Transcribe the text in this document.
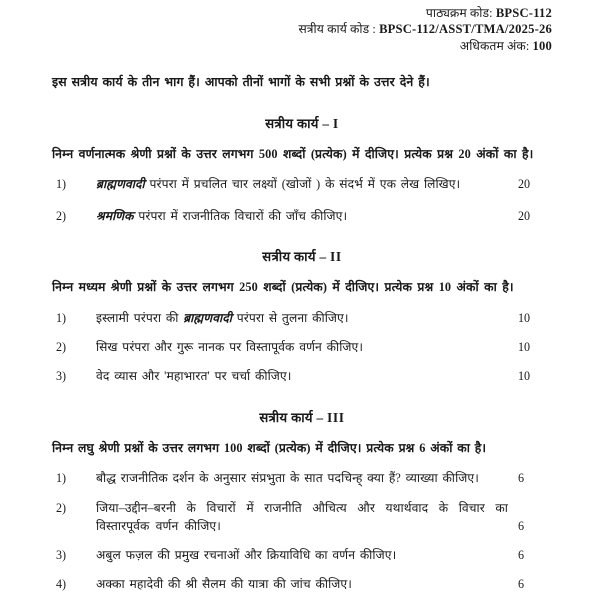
पाठ्यक्रम कोड: BPSC-112
सत्रीय कार्य कोड : BPSC-112/ASST/TMA/2025-26
अधिकतम अंक: 100

इस सत्रीय कार्य के तीन भाग हैं। आपको तीनों भागों के सभी प्रश्नों के उत्तर देने हैं।

सत्रीय कार्य – I

निम्न वर्णनात्मक श्रेणी प्रश्नों के उत्तर लगभग 500 शब्दों (प्रत्येक) में दीजिए। प्रत्येक प्रश्न 20 अंकों का है।

1)	ब्राह्मणवादी परंपरा में प्रचलित चार लक्ष्यों (खोजों ) के संदर्भ में एक लेख लिखिए।	20
2)	श्रमणिक परंपरा में राजनीतिक विचारों की जाँच कीजिए।	20
सत्रीय कार्य – II

निम्न मध्यम श्रेणी प्रश्नों के उत्तर लगभग 250 शब्दों (प्रत्येक) में दीजिए। प्रत्येक प्रश्न 10 अंकों का है।

1)	इस्लामी परंपरा की ब्राह्मणवादी परंपरा से तुलना कीजिए।	10
2)	सिख परंपरा और गुरू नानक पर विस्तापूर्वक वर्णन कीजिए।	10
3)	वेद व्यास और 'महाभारत' पर चर्चा कीजिए।	10
सत्रीय कार्य – III

निम्न लघु श्रेणी प्रश्नों के उत्तर लगभग 100 शब्दों (प्रत्येक) में दीजिए। प्रत्येक प्रश्न 6 अंकों का है।

1)	बौद्ध राजनीतिक दर्शन के अनुसार संप्रभुता के सात पदचिन्ह् क्या हैं? व्याख्या कीजिए।	6
2)	जिया–उद्दीन–बरनी के विचारों में राजनीति औचित्य और यथार्थवाद के विचार का विस्तारपूर्वक वर्णन कीजिए।	6
3)	अबुल फज़ल की प्रमुख रचनाओं और क्रियाविधि का वर्णन कीजिए।	6
4)	अक्का महादेवी की श्री सैलम की यात्रा की जांच कीजिए।	6
